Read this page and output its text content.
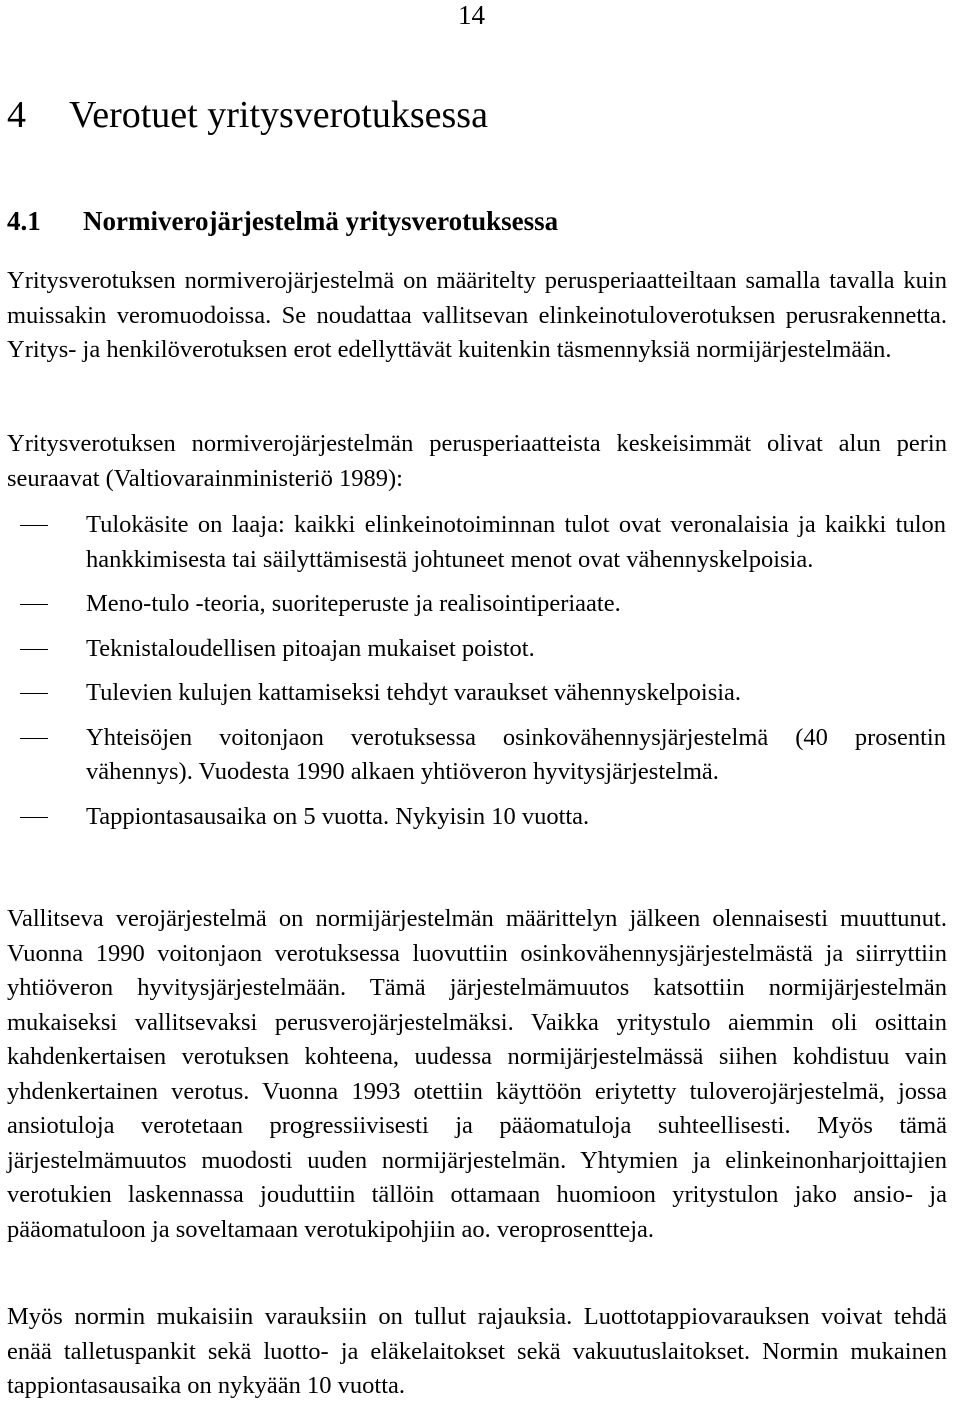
14
4 Verotuet yritysverotuksessa
4.1 Normiverojärjestelmä yritysverotuksessa

Yritysverotuksen normiverojärjestelmä on määritelty perusperiaatteiltaan samalla tavalla kuin muissakin veromuodoissa. Se noudattaa vallitsevan elinkeinotuloverotuksen perusrakennetta. Yritys- ja henkilöverotuksen erot edellyttävät kuitenkin täsmennyksiä normijärjestelmään.

Yritysverotuksen normiverojärjestelmän perusperiaatteista keskeisimmät olivat alun perin seuraavat (Valtiovarainministeriö 1989):

Tulokäsite on laaja: kaikki elinkeinotoiminnan tulot ovat veronalaisia ja kaikki tulon hankkimisesta tai säilyttämisestä johtuneet menot ovat vähennyskelpoisia.
Meno-tulo -teoria, suoriteperuste ja realisointiperiaate.
Teknistaloudellisen pitoajan mukaiset poistot.
Tulevien kulujen kattamiseksi tehdyt varaukset vähennyskelpoisia.
Yhteisöjen voitonjaon verotuksessa osinkovähennysjärjestelmä (40 prosentin vähennys). Vuodesta 1990 alkaen yhtiöveron hyvitysjärjestelmä.
Tappiontasausaika on 5 vuotta. Nykyisin 10 vuotta.

Vallitseva verojärjestelmä on normijärjestelmän määrittelyn jälkeen olennaisesti muuttunut. Vuonna 1990 voitonjaon verotuksessa luovuttiin osinkovähennysjärjestelmästä ja siirryttiin yhtiöveron hyvitysjärjestelmään. Tämä järjestelmämuutos katsottiin normijärjestelmän mukaiseksi vallitsevaksi perusverojärjestelmäksi. Vaikka yritystulo aiemmin oli osittain kahdenkertaisen verotuksen kohteena, uudessa normijärjestelmässä siihen kohdistuu vain yhdenkertainen verotus. Vuonna 1993 otettiin käyttöön eriytetty tuloverojärjestelmä, jossa ansiotuloja verotetaan progressiivisesti ja pääomatuloja suhteellisesti. Myös tämä järjestelmämuutos muodosti uuden normijärjestelmän. Yhtymien ja elinkeinonharjoittajien verotukien laskennassa jouduttiin tällöin ottamaan huomioon yritystulon jako ansio- ja pääomatuloon ja soveltamaan verotukipohjiin ao. veroprosentteja.

Myös normin mukaisiin varauksiin on tullut rajauksia. Luottotappiovarauksen voivat tehdä enää talletuspankit sekä luotto- ja eläkelaitokset sekä vakuutuslaitokset. Normin mukainen tappiontasausaika on nykyään 10 vuotta.
